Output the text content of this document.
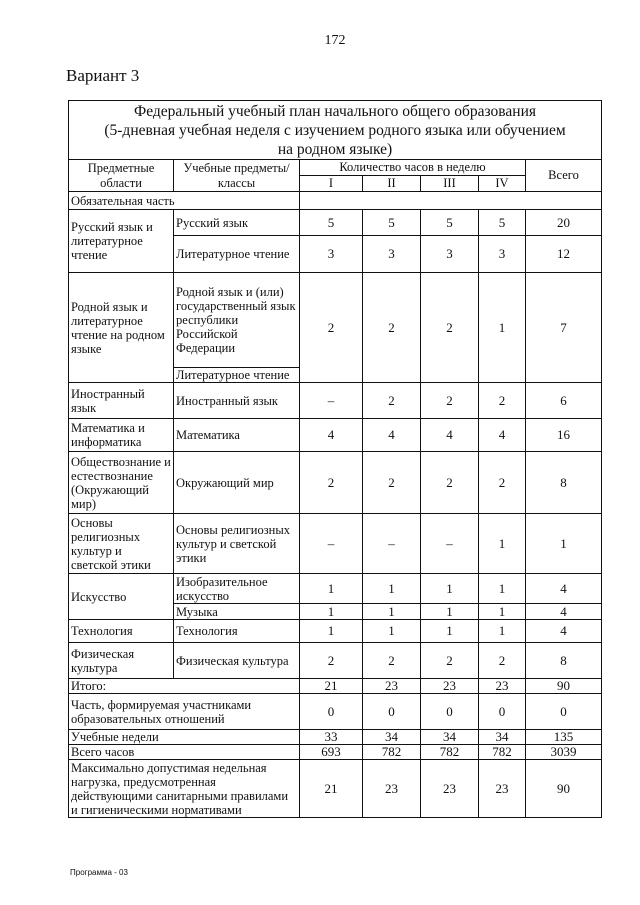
172
Вариант 3
Федеральный учебный план начального общего образования
(5-дневная учебная неделя с изучением родного языка или обучением
на родном языке)						

Предметные области	Учебные предметы/ классы	Количество часов в неделю				Всего
		I	II	III	IV	
Обязательная часть						
Русский язык и литературное чтение	Русский язык	5	5	5	5	20
	Литературное чтение	3	3	3	3	12
Родной язык и литературное чтение на родном языке	Родной язык и (или) государственный язык республики Российской Федерации	2	2	2	1	7
	Литературное чтение					
Иностранный язык	Иностранный язык	–	2	2	2	6
Математика и информатика	Математика	4	4	4	4	16
Обществознание и естествознание (Окружающий мир)	Окружающий мир	2	2	2	2	8
Основы религиозных культур и светской этики	Основы религиозных культур и светской этики	–	–	–	1	1
Искусство	Изобразительное искусство	1	1	1	1	4
	Музыка	1	1	1	1	4
Технология	Технология	1	1	1	1	4
Физическая культура	Физическая культура	2	2	2	2	8
Итого:		21	23	23	23	90
Часть, формируемая участниками образовательных отношений		0	0	0	0	0
Учебные недели		33	34	34	34	135
Всего часов		693	782	782	782	3039
Максимально допустимая недельная нагрузка, предусмотренная действующими санитарными правилами и гигиеническими нормативами		21	23	23	23	90
Программа - 03
